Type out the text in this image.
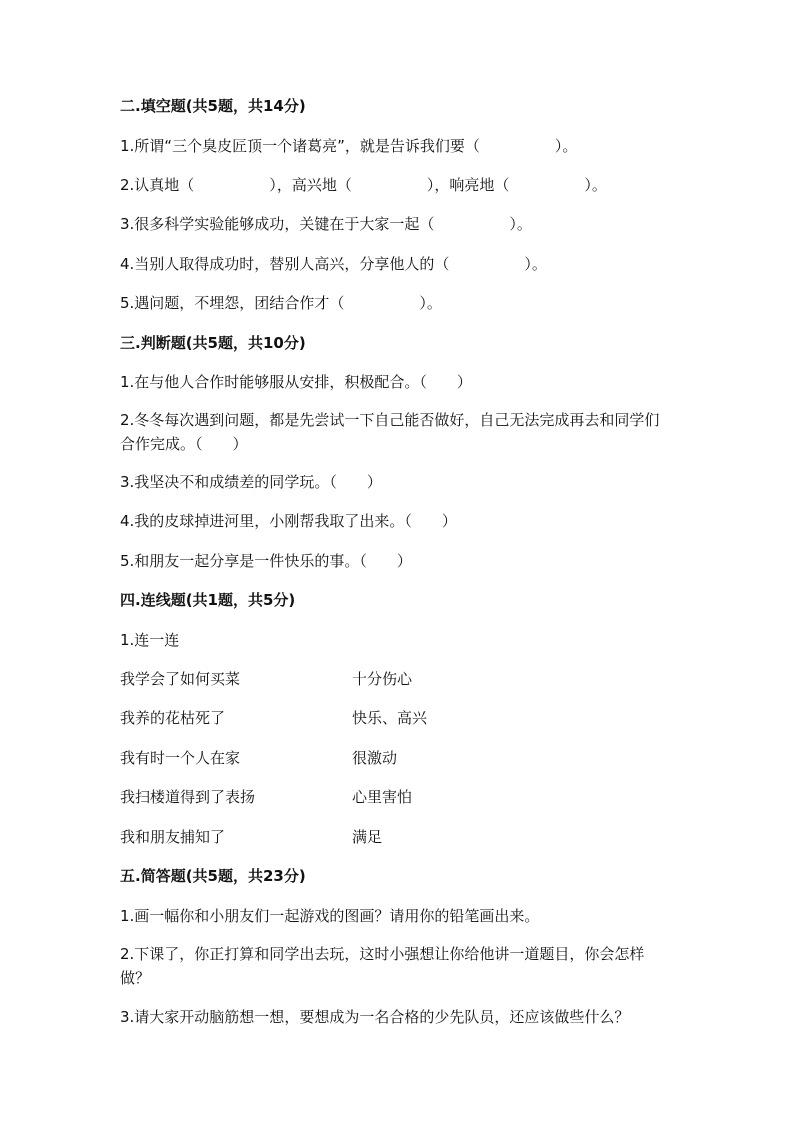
二.填空题(共5题，共14分)
1.所谓“三个臭皮匠顶一个诸葛亮”，就是告诉我们要（　　　　　）。
2.认真地（　　　　　），高兴地（　　　　　），响亮地（　　　　　）。
3.很多科学实验能够成功，关键在于大家一起（　　　　　）。
4.当别人取得成功时，替别人高兴，分享他人的（　　　　　）。
5.遇问题，不埋怨，团结合作才（　　　　　）。
三.判断题(共5题，共10分)
1.在与他人合作时能够服从安排，积极配合。（　　）
2.冬冬每次遇到问题，都是先尝试一下自己能否做好，自己无法完成再去和同学们合作完成。（　　）
3.我坚决不和成绩差的同学玩。（　　）
4.我的皮球掉进河里，小刚帮我取了出来。（　　）
5.和朋友一起分享是一件快乐的事。（　　）
四.连线题(共1题，共5分)
1.连一连
我学会了如何买菜	十分伤心
我养的花枯死了	快乐、高兴
我有时一个人在家	很激动
我扫楼道得到了表扬	心里害怕
我和朋友捕知了	满足
五.简答题(共5题，共23分)
1.画一幅你和小朋友们一起游戏的图画？请用你的铅笔画出来。
2.下课了，你正打算和同学出去玩，这时小强想让你给他讲一道题目，你会怎样做？
3.请大家开动脑筋想一想，要想成为一名合格的少先队员，还应该做些什么？
